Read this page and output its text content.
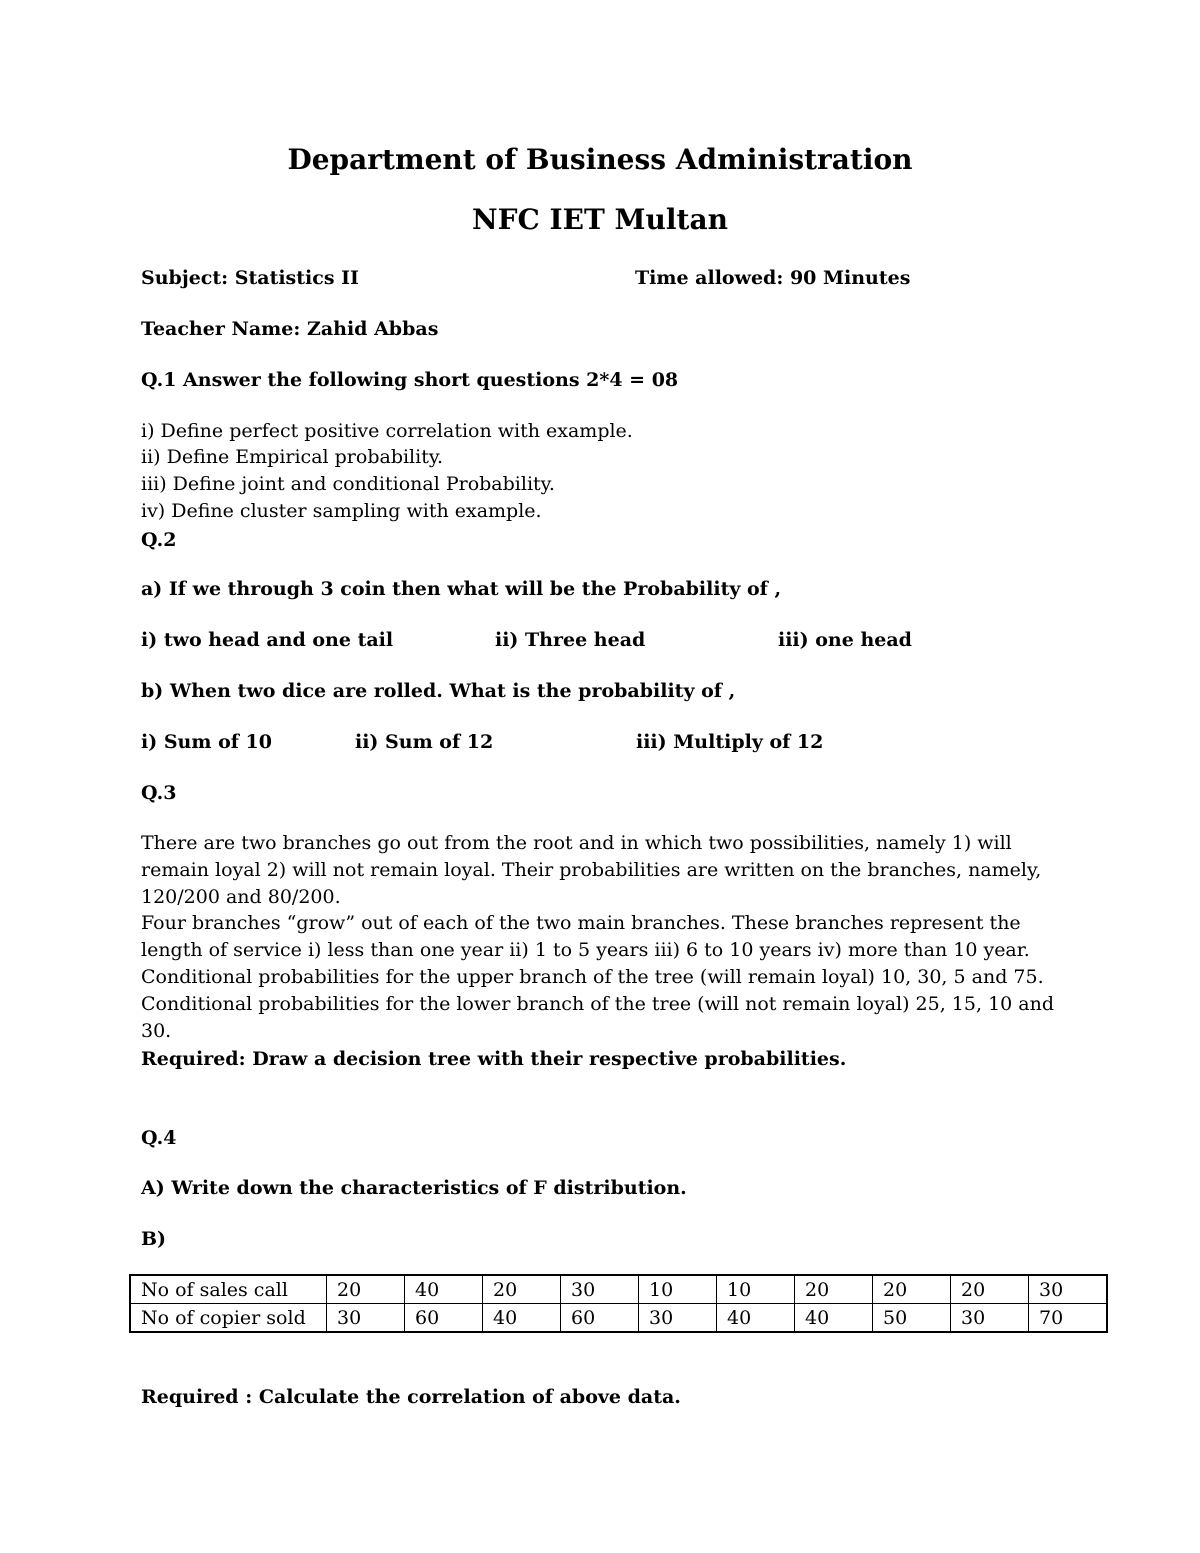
Department of Business Administration
NFC IET Multan

Subject: Statistics II	Time allowed: 90 Minutes

Teacher Name: Zahid Abbas

Q.1 Answer the following short questions 2*4 = 08

i) Define perfect positive correlation with example.

ii) Define Empirical probability.

iii) Define joint and conditional Probability.

iv) Define cluster sampling with example.

Q.2

a) If we through 3 coin then what will be the Probability of ,

i) two head and one tail	ii) Three head	iii) one head

b) When two dice are rolled. What is the probability of ,

i) Sum of 10	ii) Sum of 12	iii) Multiply of 12

Q.3

There are two branches go out from the root and in which two possibilities, namely 1) will remain loyal 2) will not remain loyal. Their probabilities are written on the branches, namely, 120/200 and 80/200.

Four branches “grow” out of each of the two main branches. These branches represent the length of service i) less than one year ii) 1 to 5 years iii) 6 to 10 years iv) more than 10 year.

Conditional probabilities for the upper branch of the tree (will remain loyal) 10, 30, 5 and 75.

Conditional probabilities for the lower branch of the tree (will not remain loyal) 25, 15, 10 and 30.

Required: Draw a decision tree with their respective probabilities.

Q.4

A) Write down the characteristics of F distribution.

B)

No of sales call	20	40	20	30	10	10	20	20	20	30
No of copier sold	30	60	40	60	30	40	40	50	30	70

Required : Calculate the correlation of above data.
